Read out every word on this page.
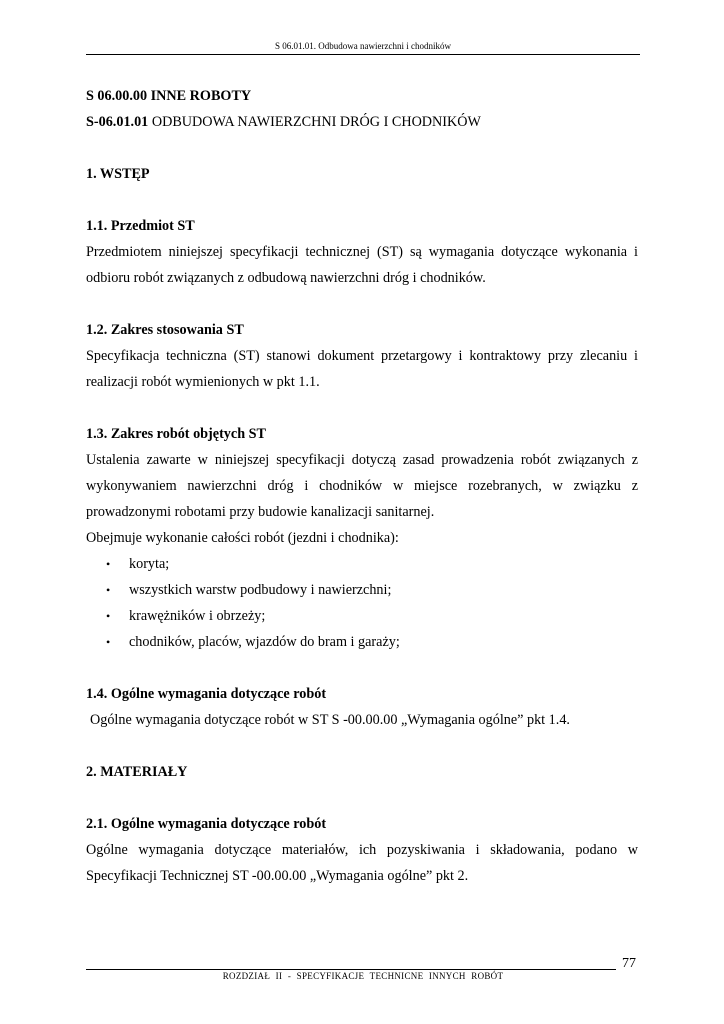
S 06.01.01. Odbudowa nawierzchni i chodników
S 06.00.00 INNE ROBOTY
S-06.01.01 ODBUDOWA NAWIERZCHNI DRÓG I CHODNIKÓW
1. WSTĘP
1.1. Przedmiot ST

Przedmiotem niniejszej specyfikacji technicznej (ST) są wymagania dotyczące wykonania i odbioru robót związanych z odbudową nawierzchni dróg i chodników.

1.2. Zakres stosowania ST

Specyfikacja techniczna (ST) stanowi dokument przetargowy i kontraktowy przy zlecaniu i realizacji robót wymienionych w pkt 1.1.

1.3. Zakres robót objętych ST

Ustalenia zawarte w niniejszej specyfikacji dotyczą zasad prowadzenia robót związanych z wykonywaniem nawierzchni dróg i chodników w miejsce rozebranych, w związku z prowadzonymi robotami przy budowie kanalizacji sanitarnej.

Obejmuje wykonanie całości robót (jezdni i chodnika):

• koryta;
• wszystkich warstw podbudowy i nawierzchni;
• krawężników i obrzeży;
• chodników, placów, wjazdów do bram i garaży;
1.4. Ogólne wymagania dotyczące robót

Ogólne wymagania dotyczące robót w ST S -00.00.00 „Wymagania ogólne” pkt 1.4.

2. MATERIAŁY
2.1. Ogólne wymagania dotyczące robót

Ogólne wymagania dotyczące materiałów, ich pozyskiwania i składowania, podano w Specyfikacji Technicznej ST -00.00.00 „Wymagania ogólne” pkt 2.

77
ROZDZIAŁ II - SPECYFIKACJE TECHNICNE INNYCH ROBÓT
